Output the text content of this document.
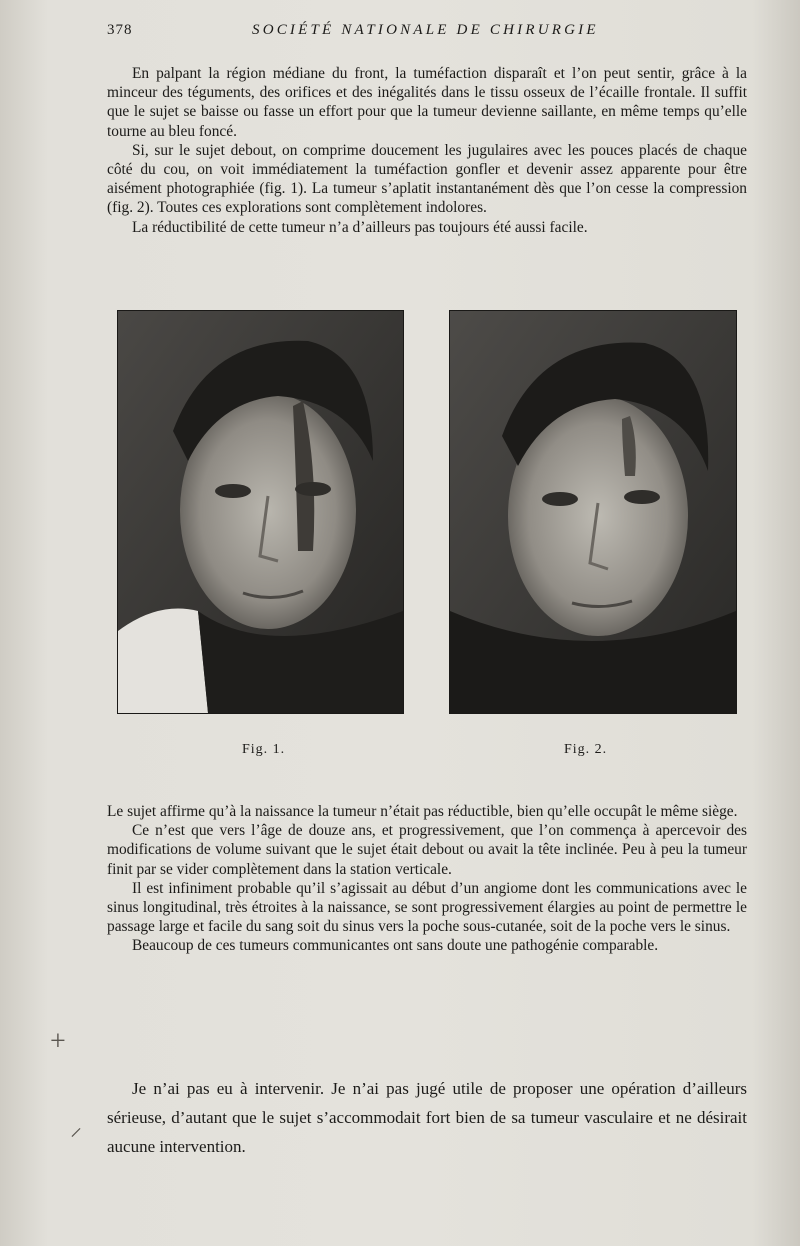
378	SOCIÉTÉ NATIONALE DE CHIRURGIE

En palpant la région médiane du front, la tuméfaction disparaît et l’on peut sentir, grâce à la minceur des téguments, des orifices et des inégalités dans le tissu osseux de l’écaille frontale. Il suffit que le sujet se baisse ou fasse un effort pour que la tumeur devienne saillante, en même temps qu’elle tourne au bleu foncé.

Si, sur le sujet debout, on comprime doucement les jugulaires avec les pouces placés de chaque côté du cou, on voit immédiatement la tuméfaction gonfler et devenir assez apparente pour être aisément photographiée (fig. 1). La tumeur s’aplatit instantanément dès que l’on cesse la compression (fig. 2). Toutes ces explorations sont complètement indolores.

La réductibilité de cette tumeur n’a d’ailleurs pas toujours été aussi facile.

Fig. 1.	Fig. 2.

Le sujet affirme qu’à la naissance la tumeur n’était pas réductible, bien qu’elle occupât le même siège.

Ce n’est que vers l’âge de douze ans, et progressivement, que l’on commença à apercevoir des modifications de volume suivant que le sujet était debout ou avait la tête inclinée. Peu à peu la tumeur finit par se vider complètement dans la station verticale.

Il est infiniment probable qu’il s’agissait au début d’un angiome dont les communications avec le sinus longitudinal, très étroites à la naissance, se sont progressivement élargies au point de permettre le passage large et facile du sang soit du sinus vers la poche sous-cutanée, soit de la poche vers le sinus.

Beaucoup de ces tumeurs communicantes ont sans doute une pathogénie comparable.

Je n’ai pas eu à intervenir. Je n’ai pas jugé utile de proposer une opération d’ailleurs sérieuse, d’autant que le sujet s’accommodait fort bien de sa tumeur vasculaire et ne désirait aucune intervention.

+
⸝
